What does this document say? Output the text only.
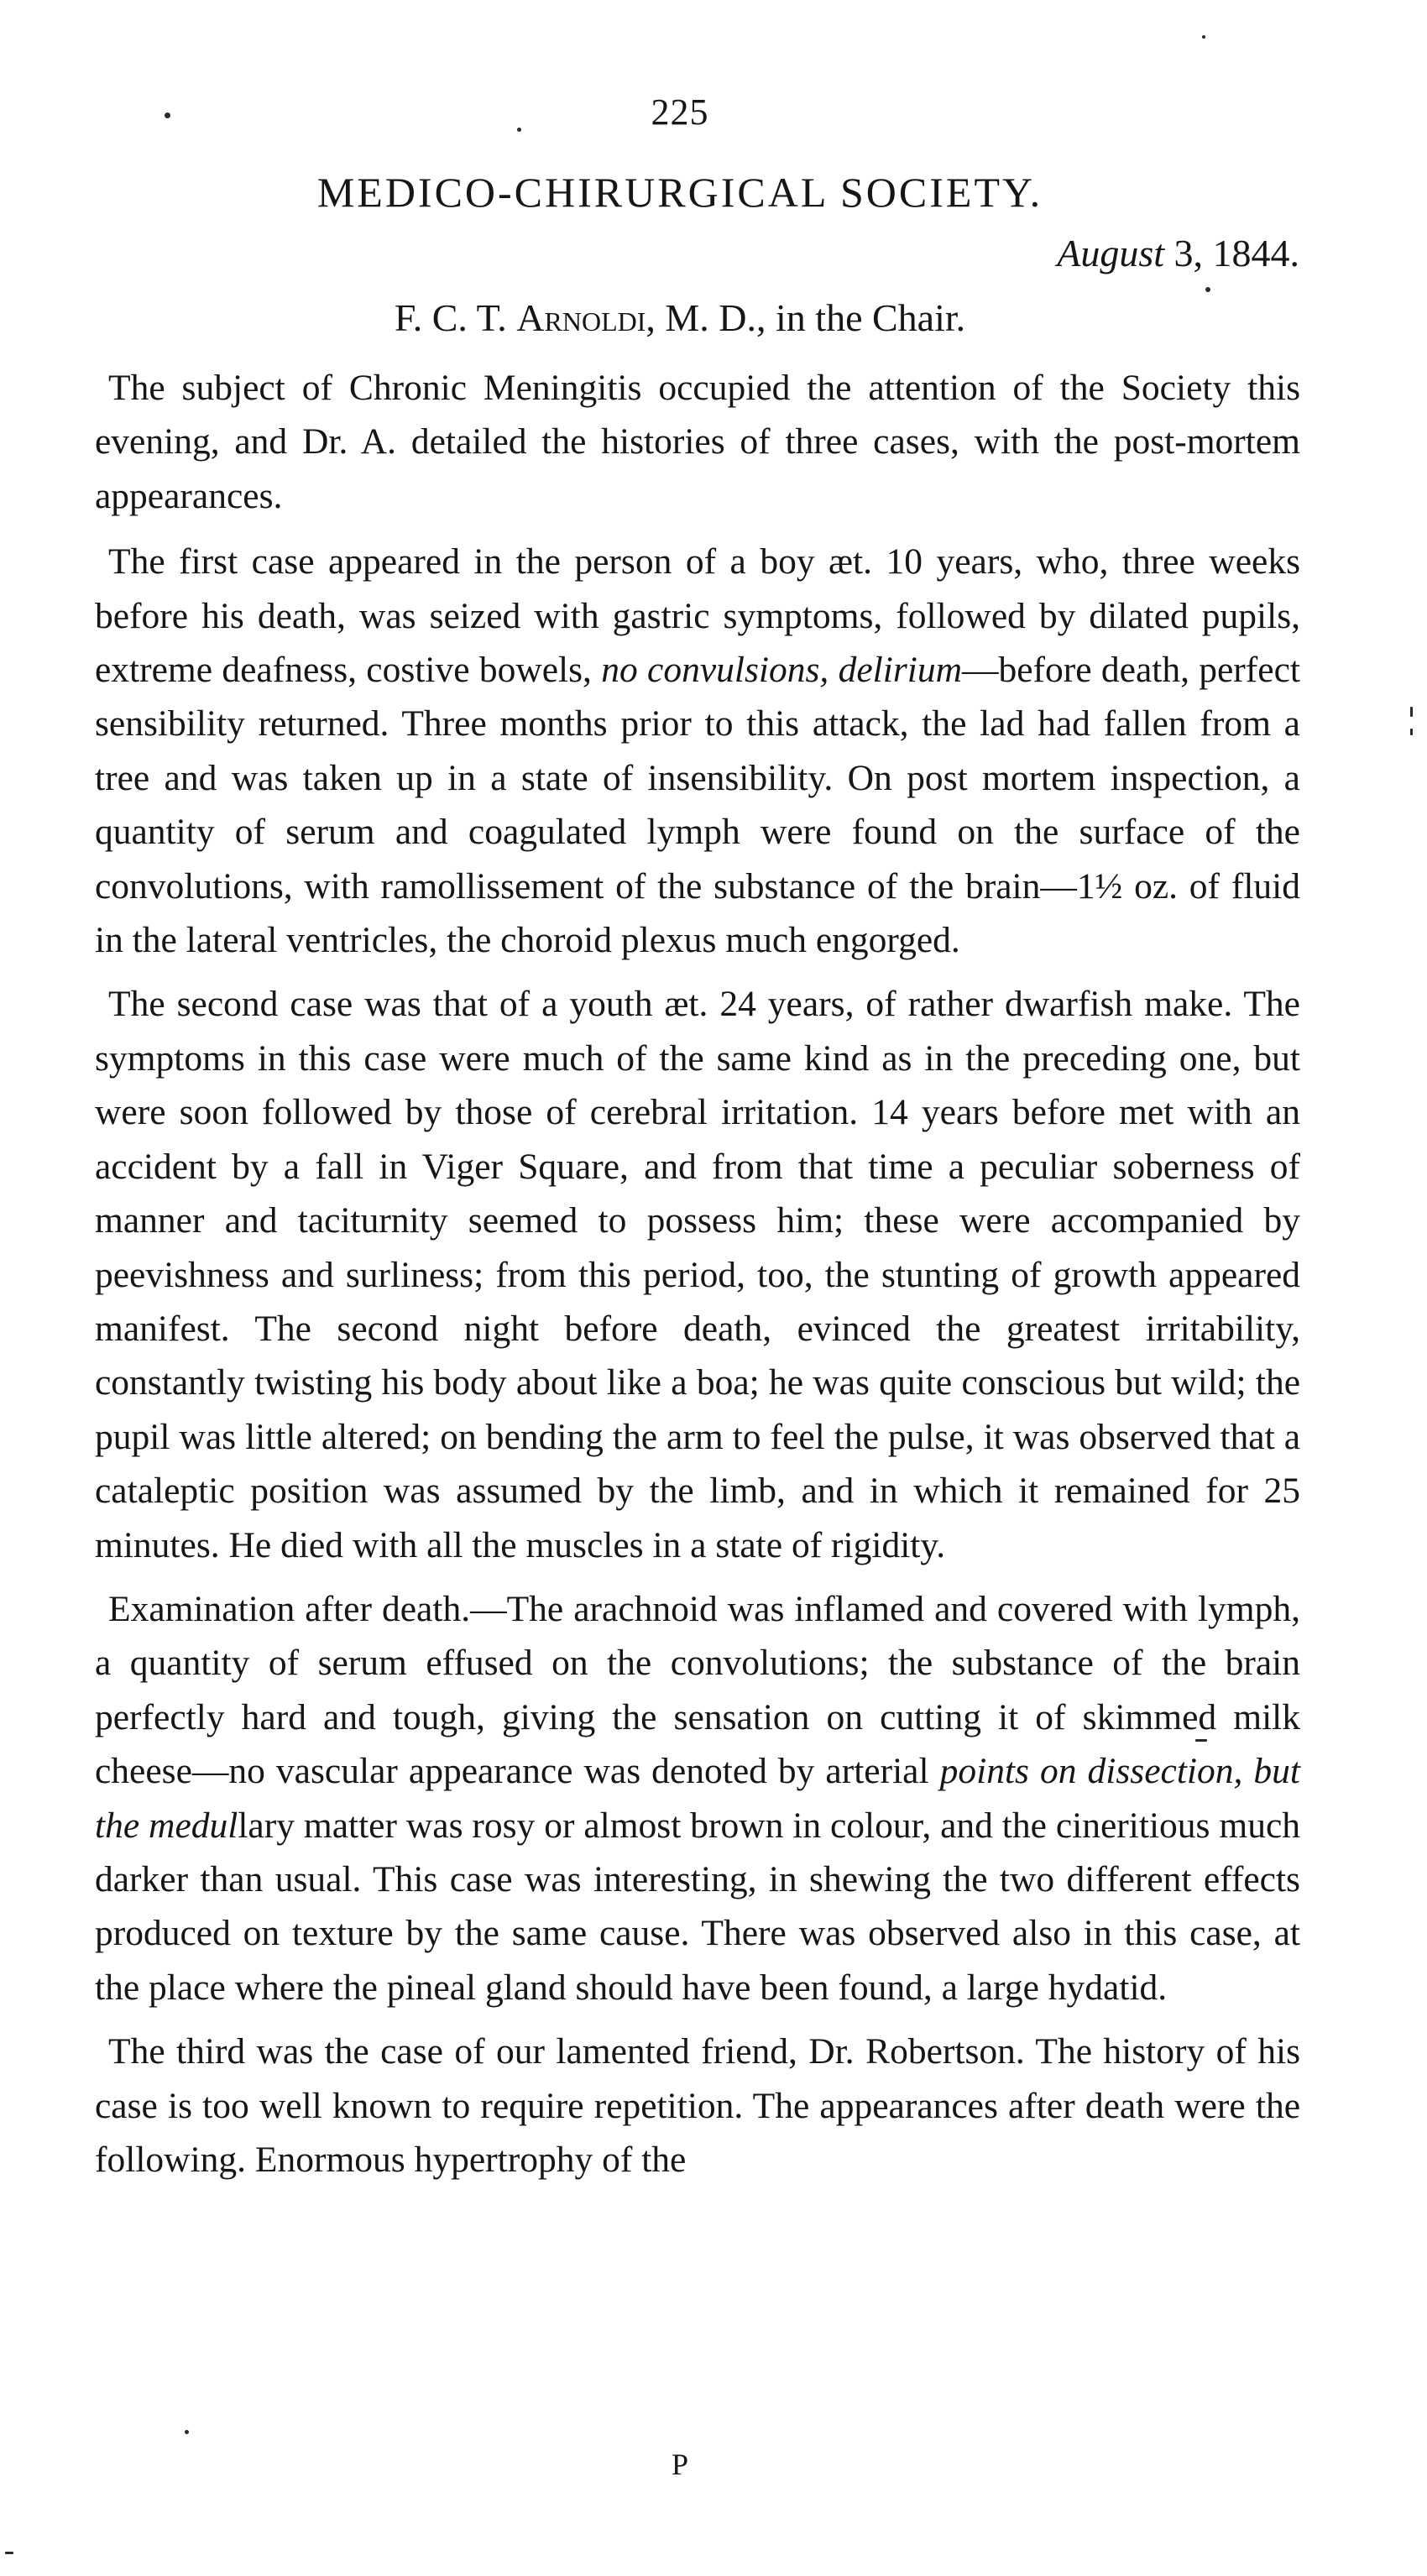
225
MEDICO-CHIRURGICAL SOCIETY.
August 3, 1844.
F. C. T. Arnoldi, M. D., in the Chair.

The subject of Chronic Meningitis occupied the attention of the Society this evening, and Dr. A. detailed the histories of three cases, with the post-mortem appearances.

The first case appeared in the person of a boy æt. 10 years, who, three weeks before his death, was seized with gastric symptoms, followed by dilated pupils, extreme deafness, costive bowels, no convulsions, delirium—before death, perfect sensibility returned. Three months prior to this attack, the lad had fallen from a tree and was taken up in a state of insensibility. On post mortem inspection, a quantity of serum and coagulated lymph were found on the surface of the convolutions, with ramollissement of the substance of the brain—1½ oz. of fluid in the lateral ventricles, the choroid plexus much engorged.

The second case was that of a youth æt. 24 years, of rather dwarfish make. The symptoms in this case were much of the same kind as in the preceding one, but were soon followed by those of cerebral irritation. 14 years before met with an accident by a fall in Viger Square, and from that time a peculiar soberness of manner and taciturnity seemed to possess him; these were accompanied by peevishness and surliness; from this period, too, the stunting of growth appeared manifest. The second night before death, evinced the greatest irritability, constantly twisting his body about like a boa; he was quite conscious but wild; the pupil was little altered; on bending the arm to feel the pulse, it was observed that a cataleptic position was assumed by the limb, and in which it remained for 25 minutes. He died with all the muscles in a state of rigidity.

Examination after death.—The arachnoid was inflamed and covered with lymph, a quantity of serum effused on the convolutions; the substance of the brain perfectly hard and tough, giving the sensation on cutting it of skimmed milk cheese—no vascular appearance was denoted by arterial points on dissection, but the medullary matter was rosy or almost brown in colour, and the cineritious much darker than usual. This case was interesting, in shewing the two different effects produced on texture by the same cause. There was observed also in this case, at the place where the pineal gland should have been found, a large hydatid.

The third was the case of our lamented friend, Dr. Robertson. The history of his case is too well known to require repetition. The appearances after death were the following. Enormous hypertrophy of the

P
